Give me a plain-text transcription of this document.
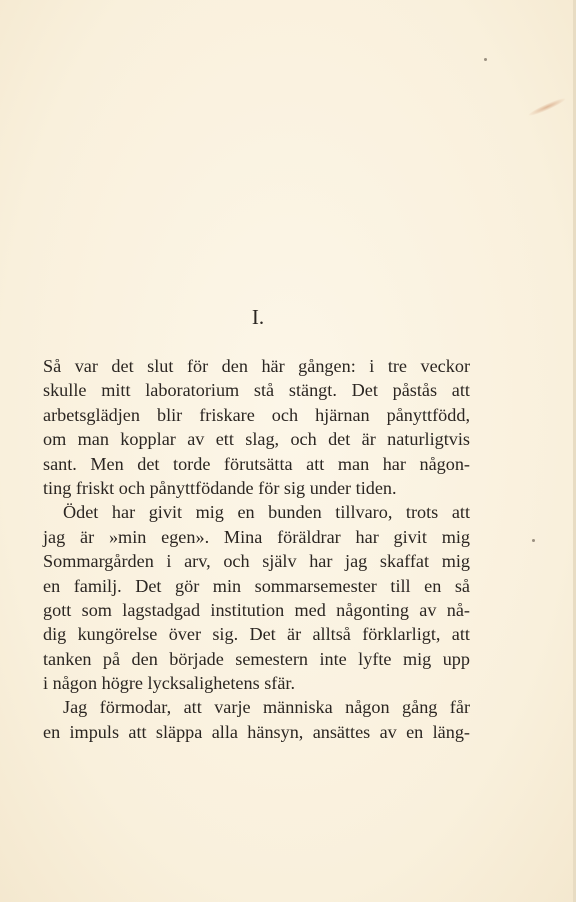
I.

Så var det slut för den här gången: i tre veckor
skulle mitt laboratorium stå stängt. Det påstås att
arbetsglädjen blir friskare och hjärnan pånyttfödd,
om man kopplar av ett slag, och det är naturligtvis
sant. Men det torde förutsätta att man har någon-
ting friskt och pånyttfödande för sig under tiden.

Ödet har givit mig en bunden tillvaro, trots att
jag är »min egen». Mina föräldrar har givit mig
Sommargården i arv, och själv har jag skaffat mig
en familj. Det gör min sommarsemester till en så
gott som lagstadgad institution med någonting av nå-
dig kungörelse över sig. Det är alltså förklarligt, att
tanken på den började semestern inte lyfte mig upp
i någon högre lycksalighetens sfär.

Jag förmodar, att varje människa någon gång får
en impuls att släppa alla hänsyn, ansättes av en läng-
